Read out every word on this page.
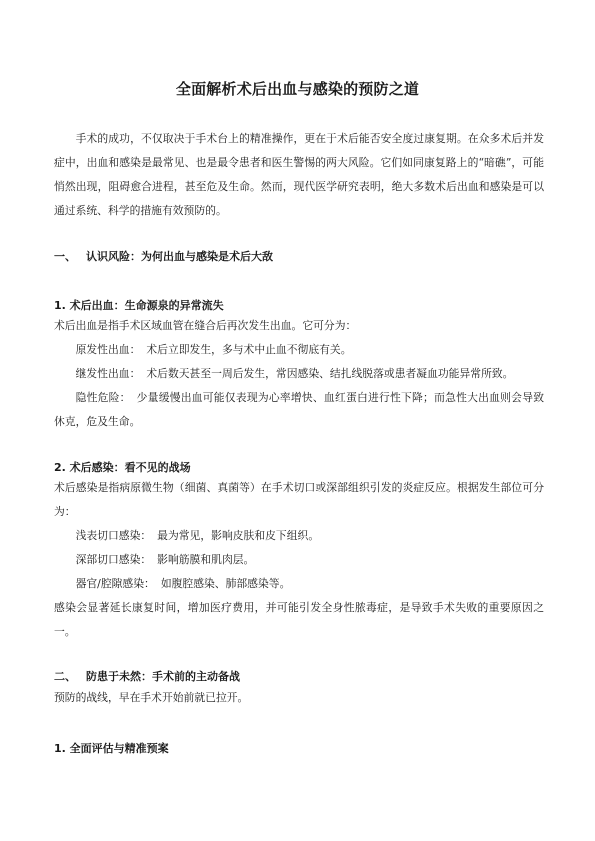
全面解析术后出血与感染的预防之道
手术的成功，不仅取决于手术台上的精准操作，更在于术后能否安全度过康复期。在众多术后并发症中，出血和感染是最常见、也是最令患者和医生警惕的两大风险。它们如同康复路上的“暗礁”，可能悄然出现，阻碍愈合进程，甚至危及生命。然而，现代医学研究表明，绝大多数术后出血和感染是可以通过系统、科学的措施有效预防的。
一、 认识风险：为何出血与感染是术后大敌
1. 术后出血：生命源泉的异常流失
术后出血是指手术区域血管在缝合后再次发生出血。它可分为：
原发性出血： 术后立即发生，多与术中止血不彻底有关。
继发性出血： 术后数天甚至一周后发生，常因感染、结扎线脱落或患者凝血功能异常所致。
隐性危险： 少量缓慢出血可能仅表现为心率增快、血红蛋白进行性下降；而急性大出血则会导致休克，危及生命。
2. 术后感染：看不见的战场
术后感染是指病原微生物（细菌、真菌等）在手术切口或深部组织引发的炎症反应。根据发生部位可分为：
浅表切口感染： 最为常见，影响皮肤和皮下组织。
深部切口感染： 影响筋膜和肌肉层。
器官/腔隙感染： 如腹腔感染、肺部感染等。
感染会显著延长康复时间，增加医疗费用，并可能引发全身性脓毒症，是导致手术失败的重要原因之一。
二、 防患于未然：手术前的主动备战
预防的战线，早在手术开始前就已拉开。
1. 全面评估与精准预案
